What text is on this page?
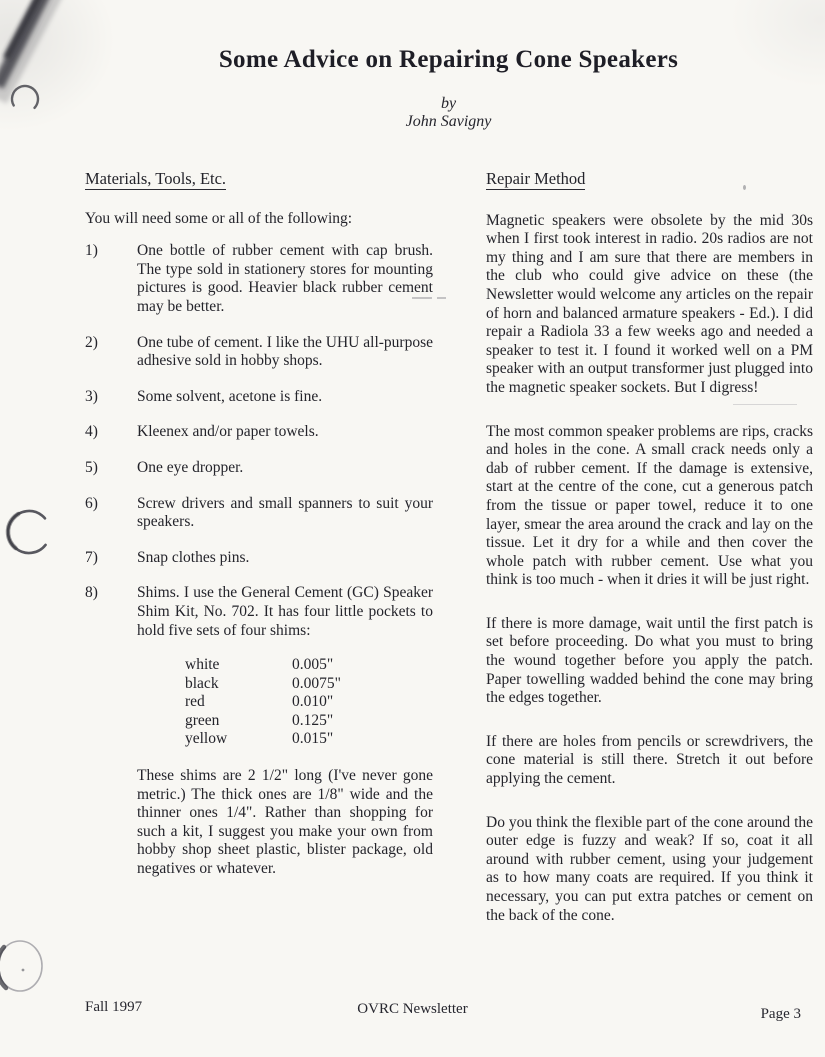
Some Advice on Repairing Cone Speakers
by
John Savigny
Materials, Tools, Etc.

You will need some or all of the following:

1)	One bottle of rubber cement with cap brush. The type sold in stationery stores for mounting pictures is good. Heavier black rubber cement may be better.
2)	One tube of cement. I like the UHU all-purpose adhesive sold in hobby shops.
3)	Some solvent, acetone is fine.
4)	Kleenex and/or paper towels.
5)	One eye dropper.
6)	Screw drivers and small spanners to suit your speakers.
7)	Snap clothes pins.
8)	Shims. I use the General Cement (GC) Speaker Shim Kit, No. 702. It has four little pockets to hold five sets of four shims:
white	0.005"
black	0.0075"
red	0.010"
green	0.125"
yellow	0.015"

These shims are 2 1/2" long (I've never gone metric.) The thick ones are 1/8" wide and the thinner ones 1/4". Rather than shopping for such a kit, I suggest you make your own from hobby shop sheet plastic, blister package, old negatives or whatever.

Repair Method

Magnetic speakers were obsolete by the mid 30s when I first took interest in radio. 20s radios are not my thing and I am sure that there are members in the club who could give advice on these (the Newsletter would welcome any articles on the repair of horn and balanced armature speakers - Ed.). I did repair a Radiola 33 a few weeks ago and needed a speaker to test it. I found it worked well on a PM speaker with an output transformer just plugged into the magnetic speaker sockets. But I digress!

The most common speaker problems are rips, cracks and holes in the cone. A small crack needs only a dab of rubber cement. If the damage is extensive, start at the centre of the cone, cut a generous patch from the tissue or paper towel, reduce it to one layer, smear the area around the crack and lay on the tissue. Let it dry for a while and then cover the whole patch with rubber cement. Use what you think is too much - when it dries it will be just right.

If there is more damage, wait until the first patch is set before proceeding. Do what you must to bring the wound together before you apply the patch. Paper towelling wadded behind the cone may bring the edges together.

If there are holes from pencils or screwdrivers, the cone material is still there. Stretch it out before applying the cement.

Do you think the flexible part of the cone around the outer edge is fuzzy and weak? If so, coat it all around with rubber cement, using your judgement as to how many coats are required. If you think it necessary, you can put extra patches or cement on the back of the cone.

Fall 1997	OVRC Newsletter	Page 3
